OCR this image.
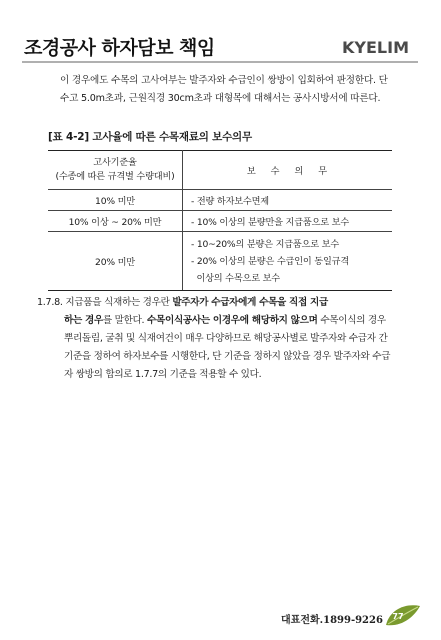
조경공사 하자담보 책임	KYELIM
이 경우에도 수목의 고사여부는 발주자와 수급인이 쌍방이 입회하여 판정한다. 단 수고 5.0m초과, 근원직경 30cm초과 대형목에 대해서는 공사시방서에 따른다.
[표 4-2] 고사율에 따른 수목재료의 보수의무
고사기준율
(수종에 따른 규격별 수량대비)	보 수 의 무
10% 미만	- 전량 하자보수면제
10% 이상 ~ 20% 미만	- 10% 이상의 분량만을 지급품으로 보수
20% 미만	- 10~20%의 분량은 지급품으로 보수
- 20% 이상의 분량은 수급인이 동일규격
이상의 수목으로 보수
1.7.8. 지급품을 식재하는 경우란 발주자가 수급자에게 수목을 직접 지급
하는 경우를 말한다. 수목이식공사는 이경우에 해당하지 않으며 수목이식의 경우 뿌리돌림, 굴취 및 식재여건이 매우 다양하므로 해당공사별로 발주자와 수급자 간 기준을 정하여 하자보수를 시행한다, 단 기준을 정하지 않았을 경우 발주자와 수급자 쌍방의 합의로 1.7.7의 기준을 적용할 수 있다.
대표전화.1899-9226	77
